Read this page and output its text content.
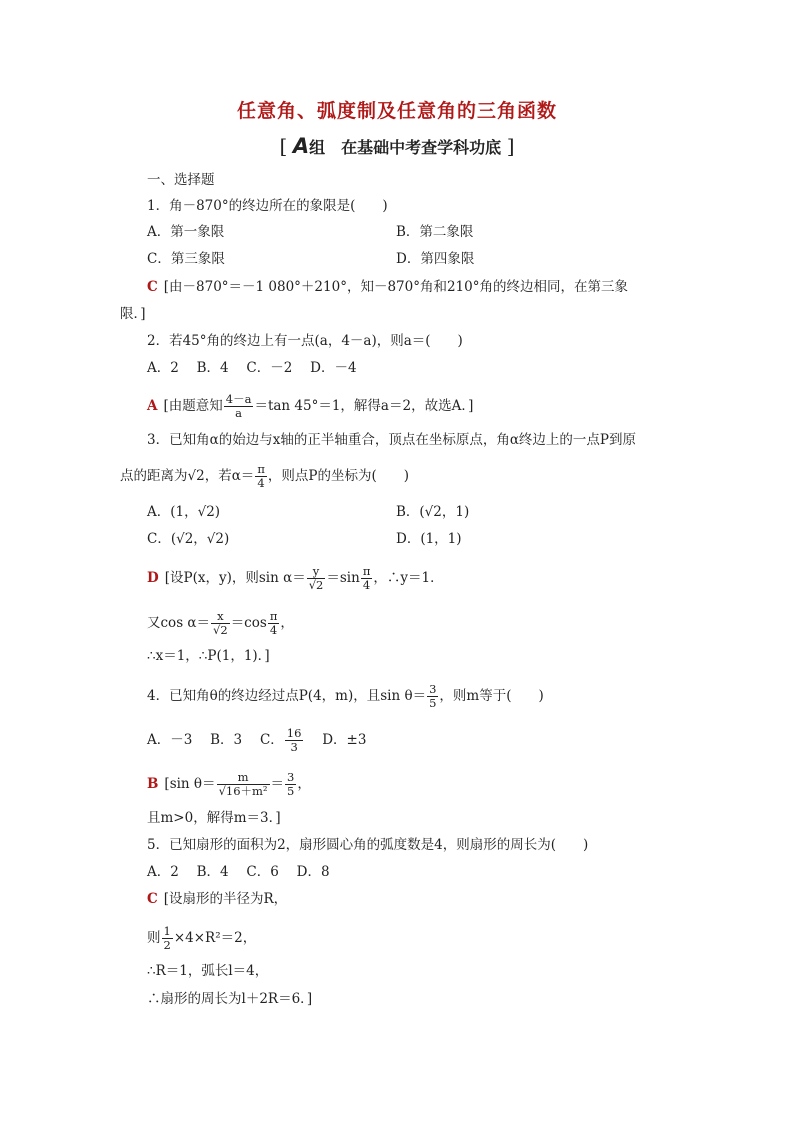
任意角、弧度制及任意角的三角函数
[ A组　在基础中考查学科功底 ]
一、选择题
1．角－870°的终边所在的象限是(　　)
A．第一象限	B．第二象限
C．第三象限	D．第四象限
C [由－870°＝－1 080°＋210°，知－870°角和210°角的终边相同，在第三象
限．]
2．若45°角的终边上有一点(a，4－a)，则a＝(　　)
A．2　 B．4　 C．－2　 D．－4
A [由题意知 $\frac{4-a}{a} =\tan$ 45°＝1，解得a＝2，故选A．]
3．已知角α的始边与x轴的正半轴重合，顶点在坐标原点，角α终边上的一点P到原
点的距离为√2，若$\alpha= \frac{\pi}{4}$ ，则点P的坐标为(　　)
A．(1，√2)	B．(√2，1)
C．(√2，√2)	D．(1，1)
D [设P(x，y)，则$\sin \alpha= \frac{y}{√2} =\sin \frac{\pi}{4}$ ，∴y＝1．
又$\cos \alpha= \frac{x}{√2} =\cos \frac{\pi}{4}$ ，
∴x＝1，∴P(1，1)．]
4．已知角θ的终边经过点P(4，m)，且$\sin \theta= \frac{3}{5}$ ，则m等于(　　)
A．－3　 B．3　 C． $\frac{16}{3}$
　 D．±3
B [sin $\theta= \frac{m}{\text{√16＋m²}} = \frac{3}{5}$ ，
且m>0，解得m＝3．]
5．已知扇形的面积为2，扇形圆心角的弧度数是4，则扇形的周长为(　　)
A．2　 B．4　 C．6　 D．8
C [设扇形的半径为R，
则 $\frac{1}{2} \times 4\times R^2=2$，
∴R＝1，弧长l＝4，
∴扇形的周长为l＋2R＝6．]
